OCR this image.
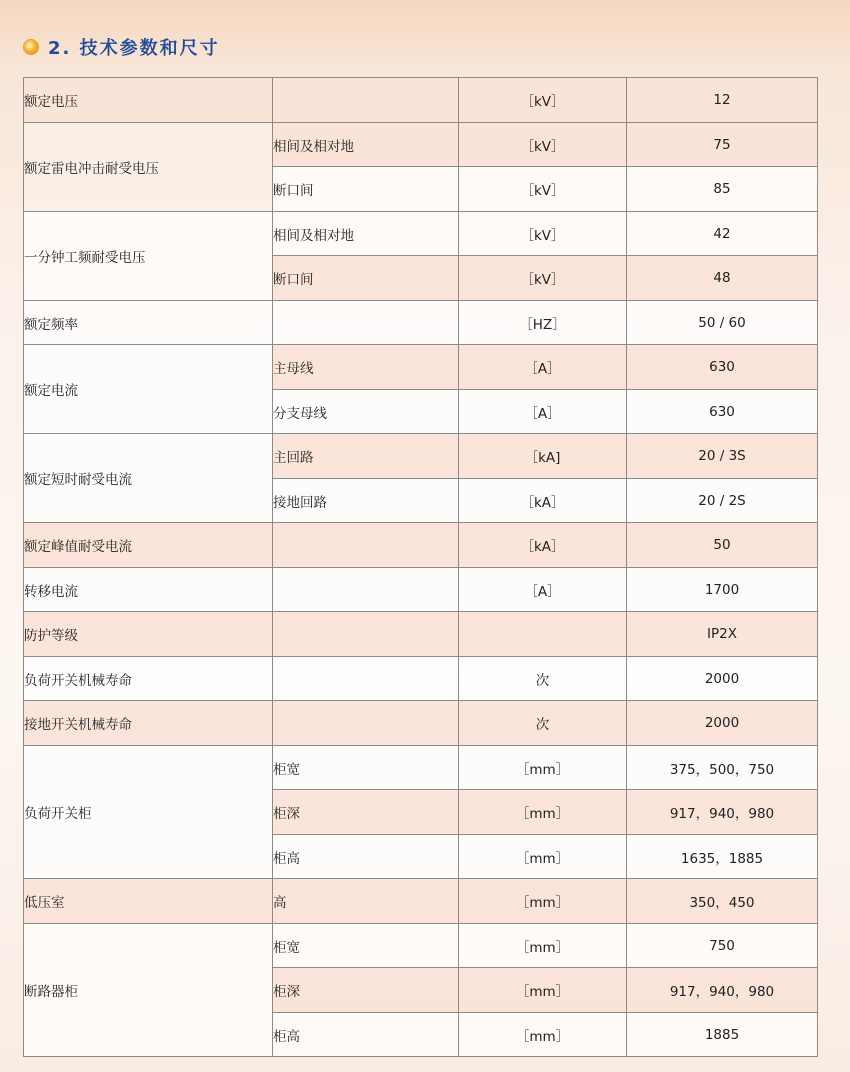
2. 技术参数和尺寸
额定电压		［kV］	12
额定雷电冲击耐受电压	相间及相对地	［kV］	75
	断口间	［kV］	85
一分钟工频耐受电压	相间及相对地	［kV］	42
	断口间	［kV］	48
额定频率		［HZ］	50 / 60
额定电流	主母线	［A］	630
	分支母线	［A］	630
额定短时耐受电流	主回路	［kA]	20 / 3S
	接地回路	［kA］	20 / 2S
额定峰值耐受电流		［kA］	50
转移电流		［A］	1700
防护等级			IP2X
负荷开关机械寿命		次	2000
接地开关机械寿命		次	2000
负荷开关柜	柜宽	［mm］	375，500，750
	柜深	［mm］	917，940，980
	柜高	［mm］	1635，1885
低压室	高	［mm］	350，450
断路器柜	柜宽	［mm］	750
	柜深	［mm］	917，940，980
	柜高	［mm］	1885
